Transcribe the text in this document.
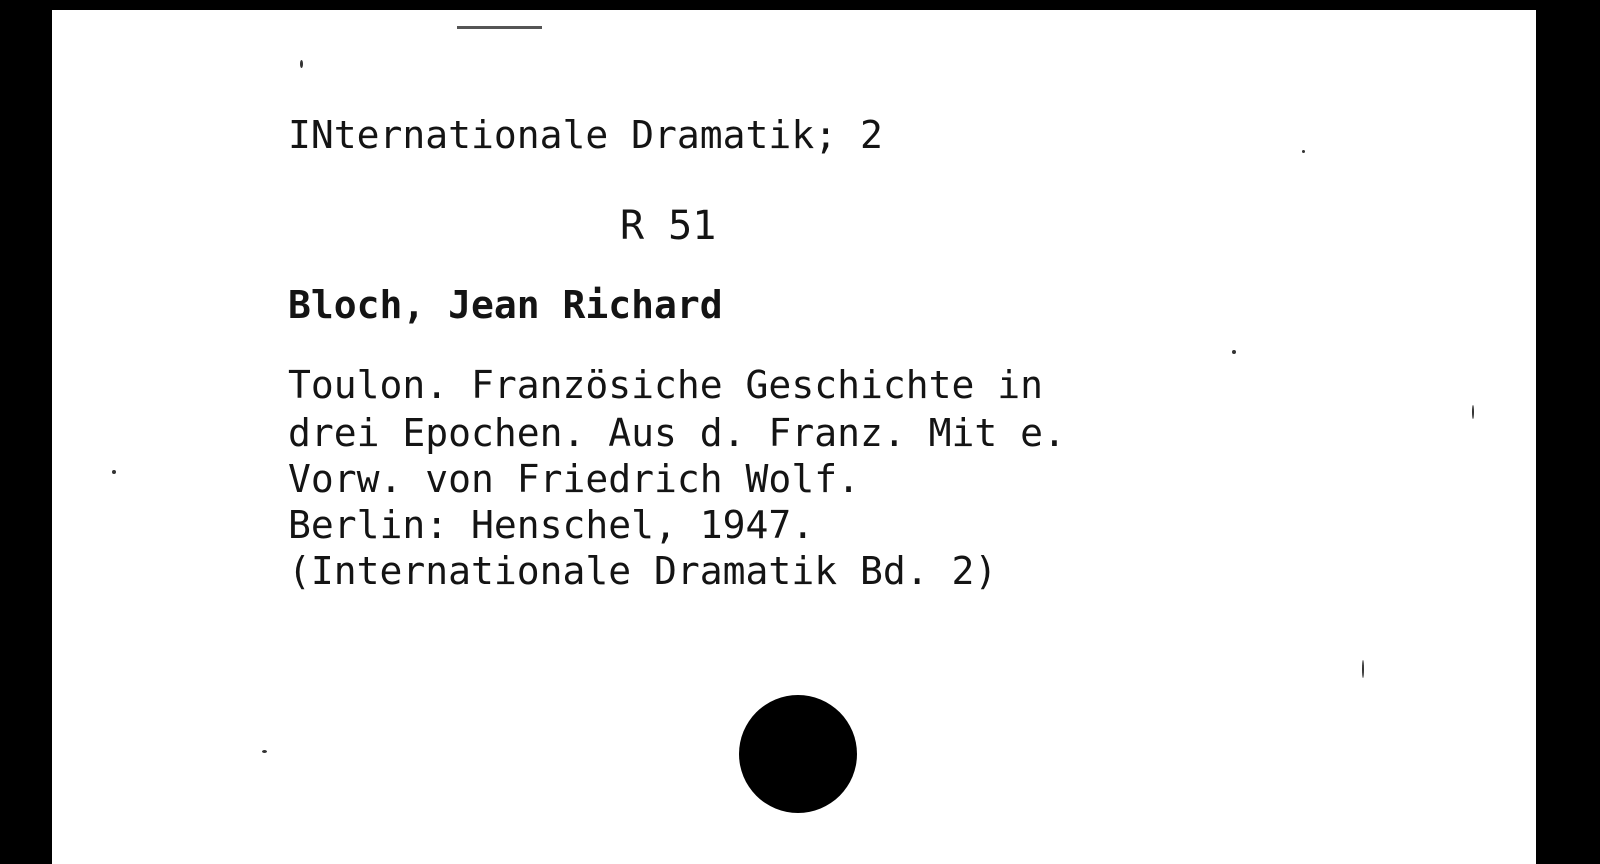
INternationale Dramatik; 2
R 51
Bloch, Jean Richard
Toulon. Französiche Geschichte in
drei Epochen. Aus d. Franz. Mit e.
Vorw. von Friedrich Wolf.
Berlin: Henschel, 1947.
(Internationale Dramatik Bd. 2)
